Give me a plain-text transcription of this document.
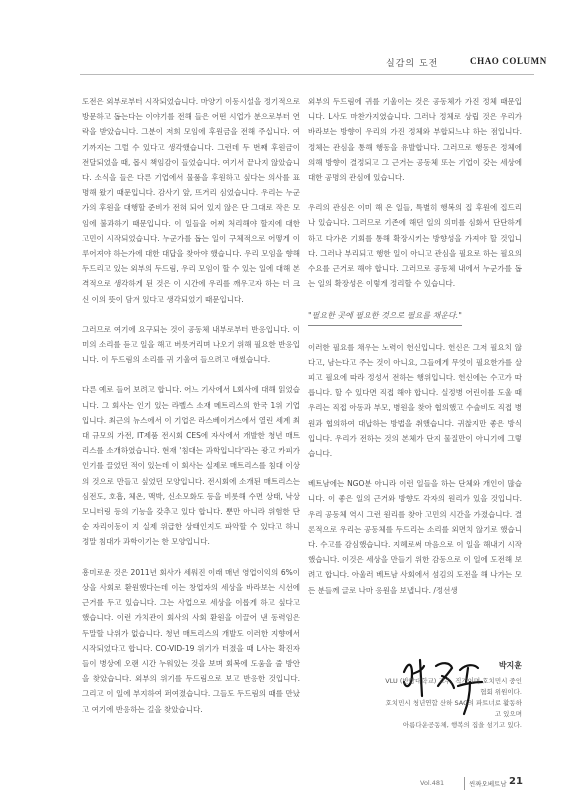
실감의 도전	CHAO COLUMN

도전은 외부로부터 시작되었습니다. 마양기 이동시설을 정기적으로 방문하고 돕는다는 이야기를 전해 들은 어떤 시업가 분으로부터 연락을 받았습니다. 그분이 저희 모임에 후원금을 전해 주십니다. 여기까지는 그럴 수 있다고 생각했습니다. 그런데 두 번째 후원금이 전달되었을 때, 몹시 책임감이 들었습니다. 여기서 끝나지 않았습니다. 소식을 들은 다른 기업에서 물품을 후원하고 싶다는 의사를 표명해 왔기 때문입니다. 감사기 앞, 뜨거리 심었습니다. 우리는 누군가의 후원을 대행할 준비가 전혀 되어 있지 않은 단 그대로 작은 모임에 불과하기 때문입니다. 이 일들을 어찌 처리해야 할지에 대한 고민이 시작되었습니다. 누군가를 돕는 일이 구체적으로 어떻게 이루어져야 하는가에 대한 대답을 찾아야 했습니다. 우리 모임을 향해 두드리고 있는 외부의 두드림, 우리 모임이 할 수 있는 일에 대해 본격적으로 생각하게 된 것은 이 시간에 우리를 깨우고자 하는 더 크신 이의 뜻이 담겨 있다고 생각되었기 때문입니다.

그러므로 여기에 요구되는 것이 공동체 내부로부터 반응입니다. 이미의 소리를 듣고 일을 해고 버릇거리며 나오기 위해 필요한 반응입니다. 이 두드림의 소리를 귀 기울여 들으려고 애썼습니다.

다른 예로 들어 보려고 합니다. 어느 기사에서 L회사에 대해 읽었습니다. 그 회사는 인기 있는 라벨스 소재 메트리스의 한국 1위 기업입니다. 최근의 뉴스에서 이 기업은 라스베이거스에서 열린 세계 최대 규모의 가전, IT제품 전시회 CES에 자사에서 개발한 청년 매트리스를 소개하였습니다. 현재 '침대는 과학입니다'라는 광고 카피가 인기를 끌었던 적이 있는데 이 회사는 실제로 매트리스를 침대 이상의 것으로 만들고 싶었던 모양입니다. 전시회에 소개된 매트리스는 심전도, 호흡, 체온, 맥박, 신소모화도 등을 비롯해 수면 상태, 낙상 모니터링 등의 기능을 갖추고 있다 합니다. 뿐만 아니라 위험한 단순 자리이동이 지 실제 위급한 상태인지도 파악할 수 있다고 하니 정말 침대가 과학이기는 한 모양입니다.

흥미로운 것은 2011년 회사가 세워진 이래 매년 영업이익의 6%이상을 사회로 환원했다는데 이는 창업자의 세상을 바라보는 시선에 근거를 두고 있습니다. 그는 사업으로 세상을 이롭게 하고 싶다고 했습니다. 이런 가치관이 회사의 사회 환원을 이끌어 낸 동력임은 두말할 나위가 없습니다. 청년 매트리스의 개발도 이러한 지향에서 시작되었다고 합니다. CO-VID-19 위기가 터졌을 때 L사는 확진자들이 병상에 오랜 시간 누워있는 것을 보며 회복에 도움을 줄 방안을 찾았습니다. 외부의 위기를 두드림으로 보고 반응한 것입니다. 그리고 이 일에 부지하여 퍼여졌습니다. 그들도 두드림의 때를 만났고 여기에 반응하는 길을 찾았습니다.

외부의 두드림에 귀를 기울이는 것은 공동체가 가진 정체 때문입니다. L사도 마찬가지였습니다. 그러나 정체로 상립 것은 우리가 바라보는 방향이 우리의 가진 정체와 부합되느냐 하는 점입니다. 정체는 관심을 통해 행동을 유발합니다. 그러므로 행동은 정체에 의해 방향이 결정되고 그 근거는 공동체 또는 기업이 갖는 세상에 대한 공명의 관심에 있습니다.

우리의 관심은 이미 해 온 일들, 특별히 행복의 집 후원에 집드리나 있습니다. 그러므로 기존에 해던 일의 의미를 심화서 단단하게 하고 다가온 기회를 통해 확장시키는 방향성을 가져야 할 것입니다. 그러나 부리되고 행한 일이 아니고 관심을 필요로 하는 필요의 수요를 근거로 해야 합니다. 그러므로 공동체 내에서 누군가를 돕는 일의 확장성은 이렇게 정리할 수 있습니다.

"필요한 곳에 필요한 것으로 필요를 채운다."

이러한 필요를 채우는 노력이 헌신입니다. 헌신은 그저 필요치 않다고, 남는다고 주는 것이 아니요, 그들에게 무엇이 필요한가를 살피고 필요에 따라 정성서 전하는 행위입니다. 헌신에는 수고가 따릅니다. 할 수 있다면 직접 해야 합니다. 실정병 어린이를 도울 때 우리는 직접 아동과 부모, 병원을 찾아 협의했고 수술비도 직접 병원과 협의하여 대납하는 방법을 취했습니다. 귀찮지만 좋은 방식입니다. 우리가 전하는 것의 본체가 단지 물질만이 아니기에 그렇습니다.

베트남에는 NGO분 아니라 이런 일들을 하는 단체와 개인이 많습니다. 이 좋은 일의 근거와 방향도 각자의 원리가 있을 것입니다. 우리 공동체 역시 그런 원리를 찾아 고민의 시간을 가졌습니다. 결론적으로 우리는 공동체를 두드리는 소리를 외면치 않기로 했습니다. 수고를 감심했습니다. 지혜로써 마음으로 이 일을 해내기 시작했습니다. 이것은 세상을 만들기 위한 감동으로 이 일에 도전해 보려고 합니다. 아울러 베트남 사회에서 섬김의 도전을 해 나가는 모든 분들께 글로 나마 응원을 보냅니다. /정선생

박지훈
VLU (반랑대학교) 교수, 직가이며 호치민시 중인협회 위원이다.
호치민시 청년연합 산하 SAC의 파트너로 활동하고 있으며
아름다운공동체, 행복의 집을 섬기고 있다.
Vol.481	씬짜오베트남 21
